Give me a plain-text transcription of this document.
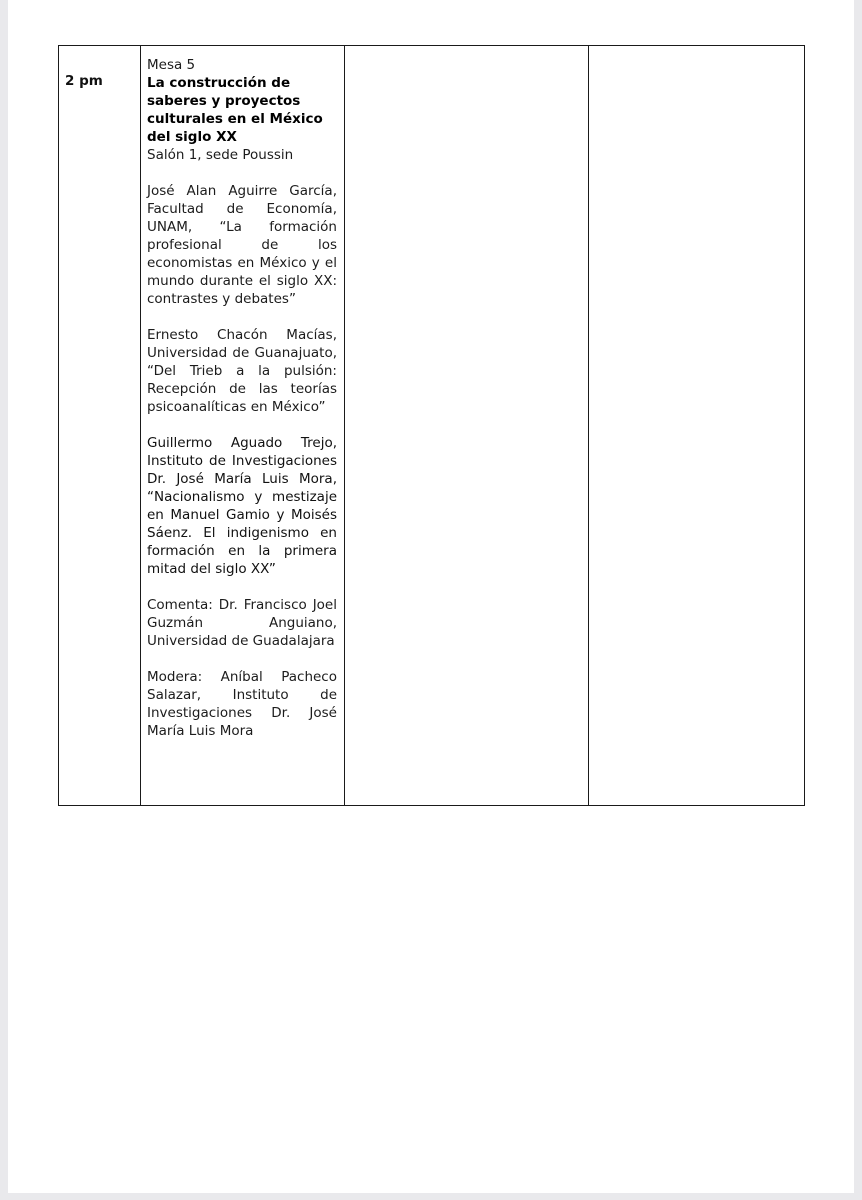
2 pm

Mesa 5

La construcción de saberes y proyectos culturales en el México del siglo XX

Salón 1, sede Poussin

José Alan Aguirre García, Facultad de Economía, UNAM, “La formación profesional de los economistas en México y el mundo durante el siglo XX: contrastes y debates”

Ernesto Chacón Macías, Universidad de Guanajuato, “Del Trieb a la pulsión: Recepción de las teorías psicoanalíticas en México”

Guillermo Aguado Trejo, Instituto de Investigaciones Dr. José María Luis Mora, “Nacionalismo y mestizaje en Manuel Gamio y Moisés Sáenz. El indigenismo en formación en la primera mitad del siglo XX”

Comenta: Dr. Francisco Joel Guzmán Anguiano, Universidad de Guadalajara

Modera: Aníbal Pacheco Salazar, Instituto de Investigaciones Dr. José María Luis Mora
